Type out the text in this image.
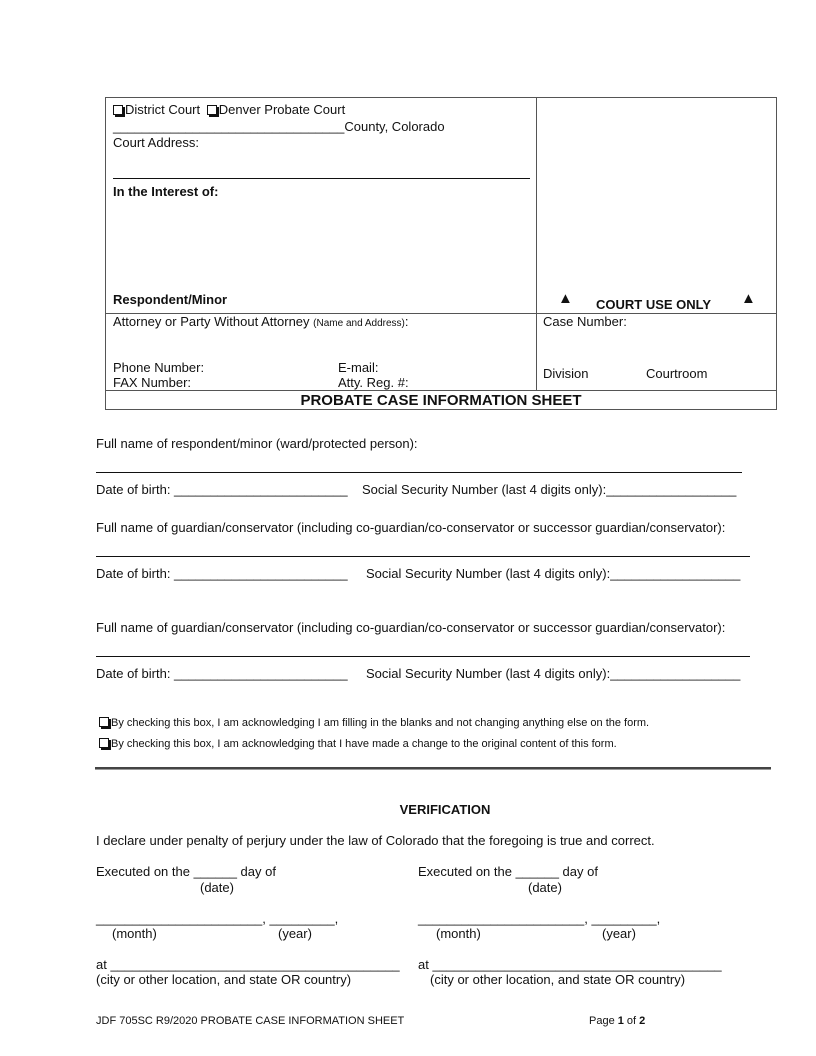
District Court Denver Probate Court
________________________________County, Colorado
Court Address:
In the Interest of:
Respondent/Minor	▲ COURT USE ONLY ▲
Attorney or Party Without Attorney (Name and Address):
Phone Number:	E-mail:
FAX Number:	Atty. Reg. #:
Case Number:
Division	Courtroom
PROBATE CASE INFORMATION SHEET
Full name of respondent/minor (ward/protected person):
Date of birth: ________________________ Social Security Number (last 4 digits only):__________________
Full name of guardian/conservator (including co-guardian/co-conservator or successor guardian/conservator):
Date of birth: ________________________ Social Security Number (last 4 digits only):__________________
Full name of guardian/conservator (including co-guardian/co-conservator or successor guardian/conservator):
Date of birth: ________________________ Social Security Number (last 4 digits only):__________________
By checking this box, I am acknowledging I am filling in the blanks and not changing anything else on the form.
By checking this box, I am acknowledging that I have made a change to the original content of this form.
VERIFICATION
I declare under penalty of perjury under the law of Colorado that the foregoing is true and correct.
Executed on the ______ day of
(date)
_______________________, _________,
(month)	(year)
at ________________________________________
(city or other location, and state OR country)
Executed on the ______ day of
(date)
_______________________, _________,
(month)	(year)
at ________________________________________
(city or other location, and state OR country)
JDF 705SC R9/2020 PROBATE CASE INFORMATION SHEET	Page 1 of 2
